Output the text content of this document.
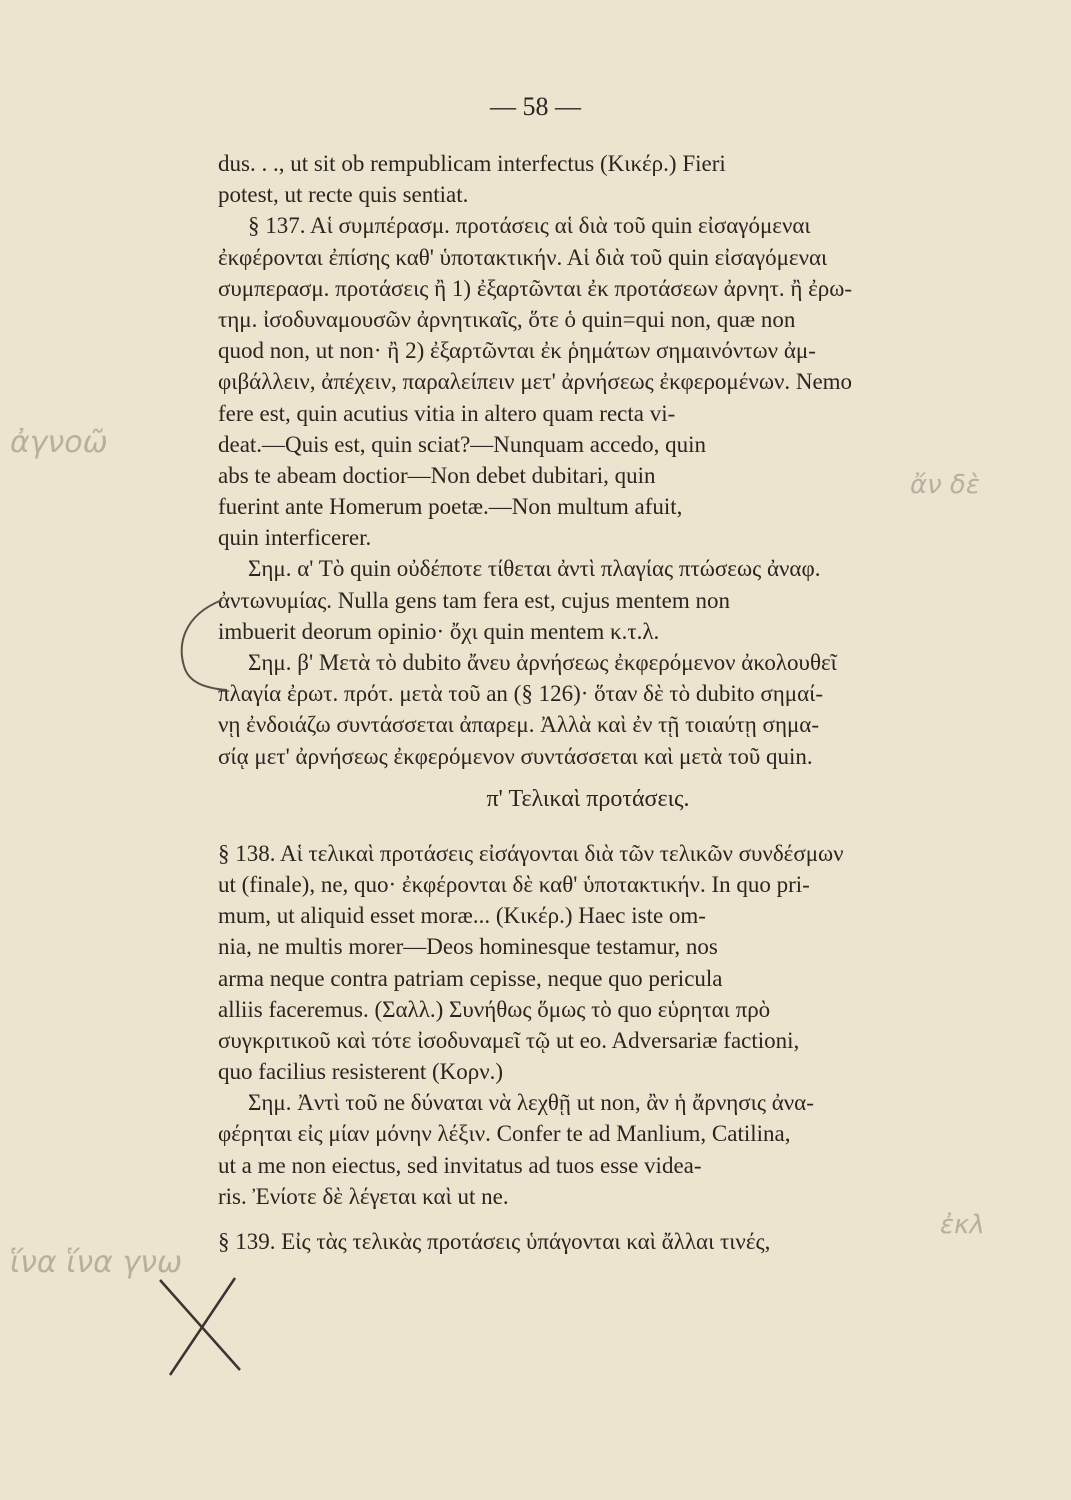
— 58 —
dus. . ., ut sit ob rempublicam interfectus (Κικέρ.) Fieri
potest, ut recte quis sentiat.
§ 137. Αἱ συμπέρασμ. προτάσεις αἱ διὰ τοῦ quin εἰσαγόμεναι
ἐκφέρονται ἐπίσης καθ' ὑποτακτικήν. Αἱ διὰ τοῦ quin εἰσαγόμεναι
συμπερασμ. προτάσεις ἢ 1) ἐξαρτῶνται ἐκ προτάσεων ἀρνητ. ἢ ἐρω-
τημ. ἰσοδυναμουσῶν ἀρνητικαῖς, ὅτε ὁ quin=qui non, quæ non
quod non, ut non· ἢ 2) ἐξαρτῶνται ἐκ ῥημάτων σημαινόντων ἀμ-
φιβάλλειν, ἀπέχειν, παραλείπειν μετ' ἀρνήσεως ἐκφερομένων. Nemo
fere est, quin acutius vitia in altero quam recta vi-
deat.—Quis est, quin sciat?—Nunquam accedo, quin
abs te abeam doctior—Non debet dubitari, quin
fuerint ante Homerum poetæ.—Non multum afuit,
quin interficerer.
Σημ. α' Τὸ quin οὐδέποτε τίθεται ἀντὶ πλαγίας πτώσεως ἀναφ.
ἀντωνυμίας. Nulla gens tam fera est, cujus mentem non
imbuerit deorum opinio· ὄχι quin mentem κ.τ.λ.
Σημ. β' Μετὰ τὸ dubito ἄνευ ἀρνήσεως ἐκφερόμενον ἀκολουθεῖ
πλαγία ἐρωτ. πρότ. μετὰ τοῦ an (§ 126)· ὅταν δὲ τὸ dubito σημαί-
νῃ ἐνδοιάζω συντάσσεται ἀπαρεμ. Ἀλλὰ καὶ ἐν τῇ τοιαύτῃ σημα-
σίᾳ μετ' ἀρνήσεως ἐκφερόμενον συντάσσεται καὶ μετὰ τοῦ quin.
π' Τελικαὶ προτάσεις.
§ 138. Αἱ τελικαὶ προτάσεις εἰσάγονται διὰ τῶν τελικῶν συνδέσμων
ut (finale), ne, quo· ἐκφέρονται δὲ καθ' ὑποτακτικήν. In quo pri-
mum, ut aliquid esset moræ... (Κικέρ.) Haec iste om-
nia, ne multis morer—Deos hominesque testamur, nos
arma neque contra patriam cepisse, neque quo pericula
alliis faceremus. (Σαλλ.) Συνήθως ὅμως τὸ quo εὑρηται πρὸ
συγκριτικοῦ καὶ τότε ἰσοδυναμεῖ τῷ ut eo. Adversariæ factioni,
quo facilius resisterent (Κορν.)
Σημ. Ἀντὶ τοῦ ne δύναται νὰ λεχθῇ ut non, ἂν ἡ ἄρνησις ἀνα-
φέρηται εἰς μίαν μόνην λέξιν. Confer te ad Manlium, Catilina,
ut a me non eiectus, sed invitatus ad tuos esse videa-
ris. Ἐνίοτε δὲ λέγεται καὶ ut ne.
§ 139. Εἰς τὰς τελικὰς προτάσεις ὑπάγονται καὶ ἄλλαι τινές,
ἀγνοῶ
ἄν δὲ
ἵνα ἵνα γνω
ἐκλ
